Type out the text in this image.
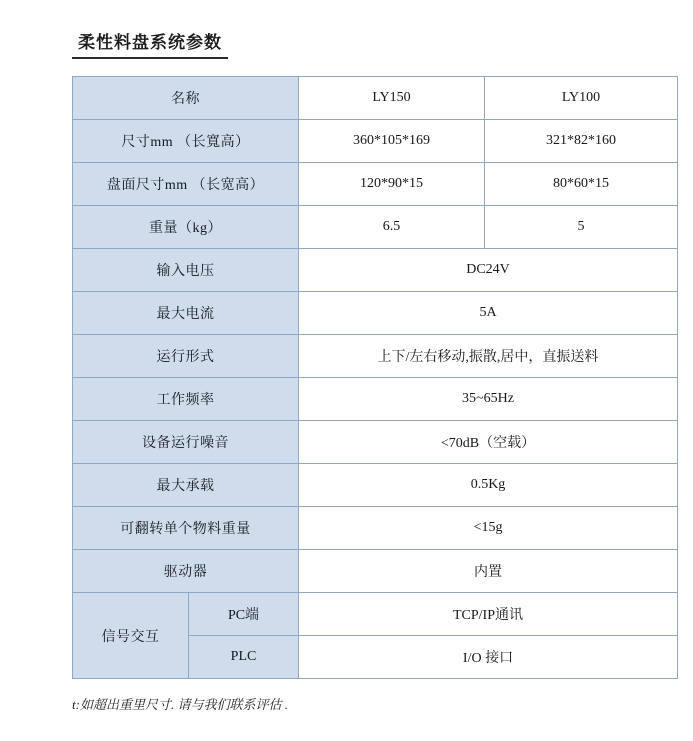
柔性料盘系统参数
名称		LY150	LY100
尺寸mm （长寬高）		360*105*169	321*82*160
盘面尺寸mm （长宽高）		120*90*15	80*60*15
重量（kg）		6.5	5
输入电压		DC24V	
最大电流		5A	
运行形式		上下/左右移动,振散,居中，直振送料	
工作频率		35~65Hz	
设备运行噪音		<70dB（空载）	
最大承载		0.5Kg	
可翻转单个物料重量		<15g	
驱动器		内置	
信号交互	PC端	TCP/IP通讯	
	PLC	I/O 接口	
t:如超出重里尺寸. 请与我们联系评估 .
